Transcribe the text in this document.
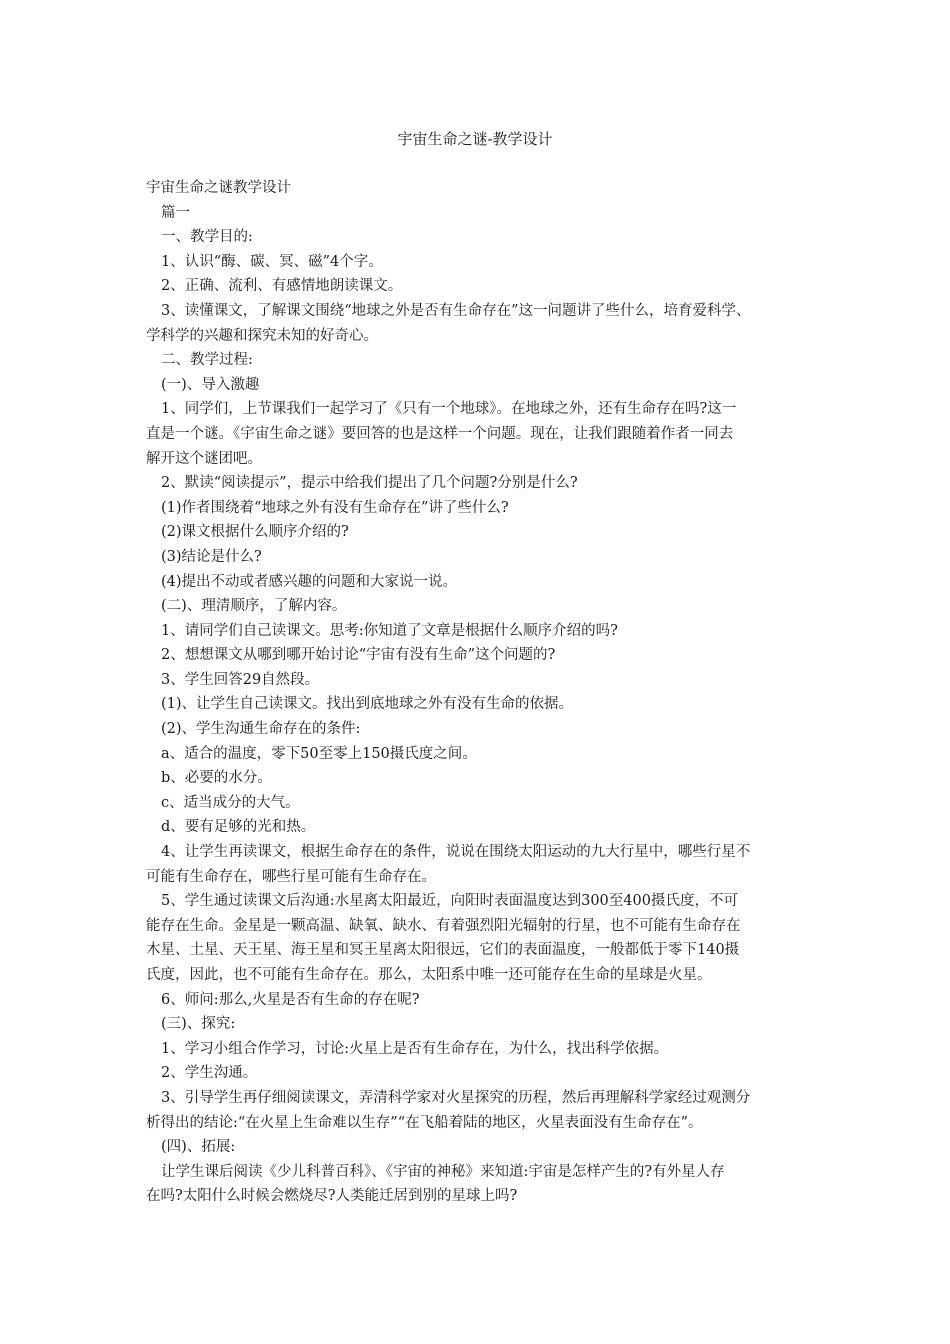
宇宙生命之谜-教学设计

宇宙生命之谜教学设计

篇一

一、教学目的:

1、认识“酶、碳、冥、磁”4个字。

2、正确、流利、有感情地朗读课文。

3、读懂课文，了解课文围绕“地球之外是否有生命存在”这一问题讲了些什么，培育爱科学、

学科学的兴趣和探究未知的好奇心。

二、教学过程:

(一)、导入激趣

1、同学们，上节课我们一起学习了《只有一个地球》。在地球之外，还有生命存在吗?这一

直是一个谜。《宇宙生命之谜》要回答的也是这样一个问题。现在，让我们跟随着作者一同去

解开这个谜团吧。

2、默读“阅读提示”，提示中给我们提出了几个问题?分别是什么?

(1)作者围绕着“地球之外有没有生命存在”讲了些什么?

(2)课文根据什么顺序介绍的?

(3)结论是什么?

(4)提出不动或者感兴趣的问题和大家说一说。

(二)、理清顺序，了解内容。

1、请同学们自己读课文。思考:你知道了文章是根据什么顺序介绍的吗?

2、想想课文从哪到哪开始讨论“宇宙有没有生命”这个问题的?

3、学生回答29自然段。

(1)、让学生自己读课文。找出到底地球之外有没有生命的依据。

(2)、学生沟通生命存在的条件:

a、适合的温度，零下50至零上150摄氏度之间。

b、必要的水分。

c、适当成分的大气。

d、要有足够的光和热。

4、让学生再读课文，根据生命存在的条件，说说在围绕太阳运动的九大行星中，哪些行星不

可能有生命存在，哪些行星可能有生命存在。

5、学生通过读课文后沟通:水星离太阳最近，向阳时表面温度达到300至400摄氏度，不可

能存在生命。金星是一颗高温、缺氧、缺水、有着强烈阳光辐射的行星，也不可能有生命存在

木星、土星、天王星、海王星和冥王星离太阳很远，它们的表面温度，一般都低于零下140摄

氏度，因此，也不可能有生命存在。那么，太阳系中唯一还可能存在生命的星球是火星。

6、师问:那么,火星是否有生命的存在呢?

(三)、探究:

1、学习小组合作学习，讨论:火星上是否有生命存在，为什么，找出科学依据。

2、学生沟通。

3、引导学生再仔细阅读课文，弄清科学家对火星探究的历程，然后再理解科学家经过观测分

析得出的结论:“在火星上生命难以生存”“在飞船着陆的地区，火星表面没有生命存在”。

(四)、拓展:

让学生课后阅读《少儿科普百科》、《宇宙的神秘》来知道:宇宙是怎样产生的?有外星人存

在吗?太阳什么时候会燃烧尽?人类能迁居到别的星球上吗?
